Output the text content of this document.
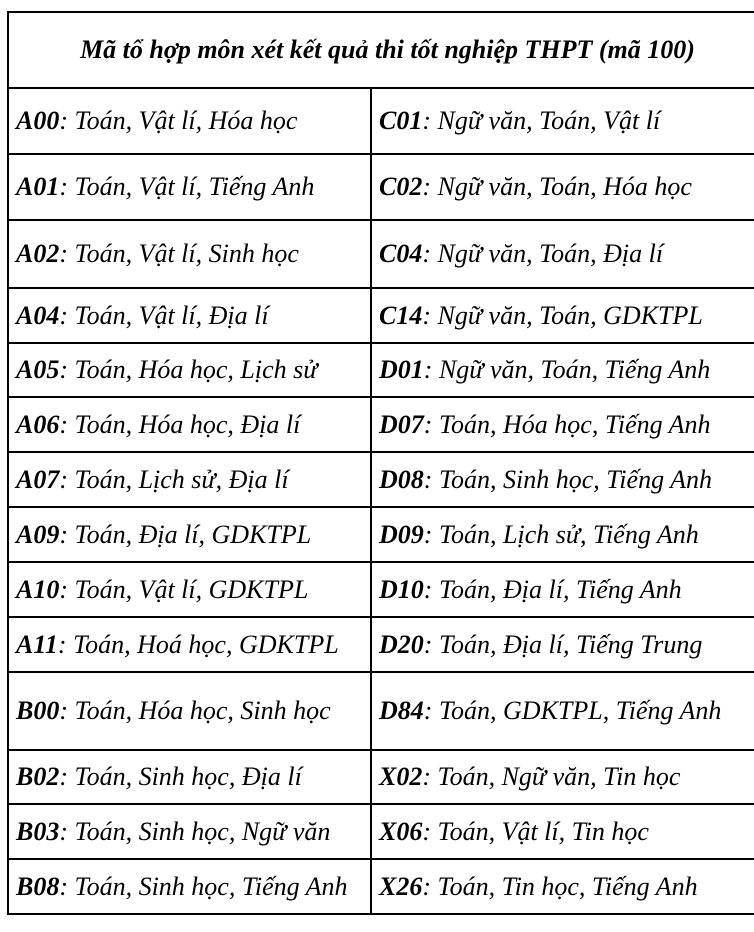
Mã tổ hợp môn xét kết quả thi tốt nghiệp THPT (mã 100)	
A00: Toán, Vật lí, Hóa học	C01: Ngữ văn, Toán, Vật lí
A01: Toán, Vật lí, Tiếng Anh	C02: Ngữ văn, Toán, Hóa học
A02: Toán, Vật lí, Sinh học	C04: Ngữ văn, Toán, Địa lí
A04: Toán, Vật lí, Địa lí	C14: Ngữ văn, Toán, GDKTPL
A05: Toán, Hóa học, Lịch sử	D01: Ngữ văn, Toán, Tiếng Anh
A06: Toán, Hóa học, Địa lí	D07: Toán, Hóa học, Tiếng Anh
A07: Toán, Lịch sử, Địa lí	D08: Toán, Sinh học, Tiếng Anh
A09: Toán, Địa lí, GDKTPL	D09: Toán, Lịch sử, Tiếng Anh
A10: Toán, Vật lí, GDKTPL	D10: Toán, Địa lí, Tiếng Anh
A11: Toán, Hoá học, GDKTPL	D20: Toán, Địa lí, Tiếng Trung
B00: Toán, Hóa học, Sinh học	D84: Toán, GDKTPL, Tiếng Anh
B02: Toán, Sinh học, Địa lí	X02: Toán, Ngữ văn, Tin học
B03: Toán, Sinh học, Ngữ văn	X06: Toán, Vật lí, Tin học
B08: Toán, Sinh học, Tiếng Anh	X26: Toán, Tin học, Tiếng Anh
